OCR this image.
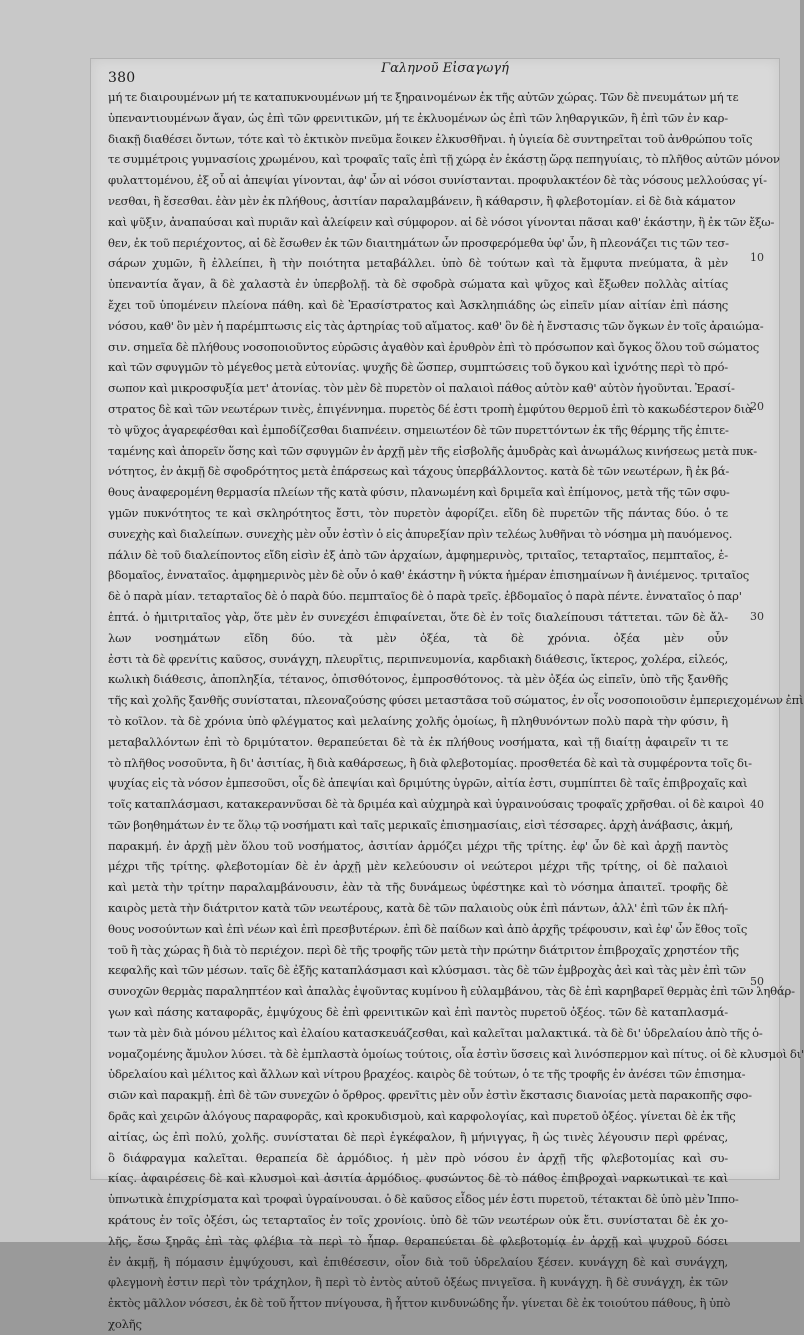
380
Γαληνοῦ Εἰσαγωγή
10
20
30
40
50
μή τε διαιρουμένων μή τε καταπυκνουμένων μή τε ξηραινομένων ἐκ τῆς αὐτῶν χώρας. Τῶν δὲ πνευμάτων μή τε
ὑπεναντιουμένων ἄγαν, ὡς ἐπὶ τῶν φρενιτικῶν, μή τε ἐκλυομένων ὡς ἐπὶ τῶν ληθαργικῶν, ἢ ἐπὶ τῶν ἐν καρ-
διακῇ διαθέσει ὄντων, τότε καὶ τὸ ἐκτικὸν πνεῦμα ἔοικεν ἐλκυσθῆναι. ἡ ὑγιεία δὲ συντηρεῖται τοῦ ἀνθρώπου τοῖς
τε συμμέτροις γυμνασίοις χρωμένου, καὶ τροφαῖς ταῖς ἐπὶ τῇ χώρᾳ ἐν ἑκάστῃ ὥρᾳ πεπηγυίαις, τὸ πλῆθος αὐτῶν μόνον
φυλαττομένου, ἐξ οὗ αἱ ἀπεψίαι γίνονται, ἀφ' ὧν αἱ νόσοι συνίστανται. προφυλακτέον δὲ τὰς νόσους μελλούσας γί-
νεσθαι, ἢ ἔσεσθαι. ἐὰν μὲν ἐκ πλήθους, ἀσιτίαν παραλαμβάνειν, ἢ κάθαρσιν, ἢ φλεβοτομίαν. εἰ δὲ διὰ κάματον
καὶ ψῦξιν, ἀναπαύσαι καὶ πυριᾶν καὶ ἀλείφειν καὶ σύμφορον. αἱ δὲ νόσοι γίνονται πᾶσαι καθ' ἑκάστην, ἢ ἐκ τῶν ἔξω-
θεν, ἐκ τοῦ περιέχοντος, αἱ δὲ ἔσωθεν ἐκ τῶν διαιτημάτων ὧν προσφερόμεθα ὑφ' ὧν, ἢ πλεονάζει τις τῶν τεσ-
σάρων χυμῶν, ἢ ἐλλείπει, ἢ τὴν ποιότητα μεταβάλλει. ὑπὸ δὲ τούτων καὶ τὰ ἔμφυτα πνεύματα, ἃ μὲν
ὑπεναντία ἄγαν, ἃ δὲ χαλαστὰ ἐν ὑπερβολῇ. τὰ δὲ σφοδρὰ σώματα καὶ ψῦχος καὶ ἔξωθεν πολλὰς αἰτίας
ἔχει τοῦ ὑπομένειν πλείονα πάθη. καὶ δὲ Ἐρασίστρατος καὶ Ἀσκληπιάδης ὡς εἰπεῖν μίαν αἰτίαν ἐπὶ πάσης
νόσου, καθ' ὃν μὲν ἡ παρέμπτωσις εἰς τὰς ἀρτηρίας τοῦ αἵματος. καθ' ὃν δὲ ἡ ἔνστασις τῶν ὄγκων ἐν τοῖς ἀραιώμα-
σιν. σημεῖα δὲ πλήθους νοσοποιοῦντος εὐρῶσις ἀγαθὸν καὶ ἐρυθρὸν ἐπὶ τὸ πρόσωπον καὶ ὄγκος ὅλου τοῦ σώματος
καὶ τῶν σφυγμῶν τὸ μέγεθος μετὰ εὐτονίας. ψυχῆς δὲ ὥσπερ, συμπτώσεις τοῦ ὄγκου καὶ ἰχνότης περὶ τὸ πρό-
σωπον καὶ μικροσφυξία μετ' ἀτονίας. τὸν μὲν δὲ πυρετὸν οἱ παλαιοὶ πάθος αὐτὸν καθ' αὑτὸν ἡγοῦνται. Ἐρασί-
στρατος δὲ καὶ τῶν νεωτέρων τινὲς, ἐπιγέννημα. πυρετὸς δέ ἐστι τροπὴ ἐμφύτου θερμοῦ ἐπὶ τὸ κακωδέστερον διὰ
τὸ ψῦχος ἀγαρεφέσθαι καὶ ἐμποδίζεσθαι διαπνέειν. σημειωτέον δὲ τῶν πυρεττόντων ἐκ τῆς θέρμης τῆς ἐπιτε-
ταμένης καὶ ἀπορεῖν ὅσης καὶ τῶν σφυγμῶν ἐν ἀρχῇ μὲν τῆς εἰσβολῆς ἀμυδρὰς καὶ ἀνωμάλως κινήσεως μετὰ πυκ-
νότητος, ἐν ἀκμῇ δὲ σφοδρότητος μετὰ ἐπάρσεως καὶ τάχους ὑπερβάλλοντος. κατὰ δὲ τῶν νεωτέρων, ἢ ἐκ βά-
θους ἀναφερομένη θερμασία πλείων τῆς κατὰ φύσιν, πλανωμένη καὶ δριμεῖα καὶ ἐπίμονος, μετὰ τῆς τῶν σφυ-
γμῶν πυκνότητος τε καὶ σκληρότητος ἔστι, τὸν πυρετὸν ἀφορίζει. εἴδη δὲ πυρετῶν τῆς πάντας δύο. ὁ τε
συνεχὴς καὶ διαλείπων. συνεχὴς μὲν οὖν ἐστὶν ὁ εἰς ἀπυρεξίαν πρὶν τελέως λυθῆναι τὸ νόσημα μὴ παυόμενος.
πάλιν δὲ τοῦ διαλείποντος εἴδη εἰσὶν ἐξ ἀπὸ τῶν ἀρχαίων, ἀμφημερινὸς, τριταῖος, τεταρταῖος, πεμπταῖος, ἑ-
βδομαῖος, ἐνναταῖος. ἀμφημερινὸς μὲν δὲ οὖν ὁ καθ' ἑκάστην ἢ νύκτα ἡμέραν ἐπισημαίνων ἢ ἀνιέμενος. τριταῖος
δὲ ὁ παρὰ μίαν. τεταρταῖος δὲ ὁ παρὰ δύο. πεμπταῖος δὲ ὁ παρὰ τρεῖς. ἑβδομαῖος ὁ παρὰ πέντε. ἐνναταῖος ὁ παρ'
ἑπτά. ὁ ἡμιτριταῖος γὰρ, ὅτε μὲν ἐν συνεχέσι ἐπιφαίνεται, ὅτε δὲ ἐν τοῖς διαλείπουσι τάττεται. τῶν δὲ ἄλ-
λων νοσημάτων εἴδη δύο. τὰ μὲν ὀξέα, τὰ δὲ χρόνια. ὀξέα μὲν οὖν
ἐστι τὰ δὲ φρενίτις καῦσος, συνάγχη, πλευρῖτις, περιπνευμονία, καρδιακὴ διάθεσις, ἴκτερος, χολέρα, εἰλεός,
κωλικὴ διάθεσις, ἀποπληξία, τέτανος, ὀπισθότονος, ἐμπροσθότονος. τὰ μὲν ὀξέα ὡς εἰπεῖν, ὑπὸ τῆς ξανθῆς
τῆς καὶ χολῆς ξανθῆς συνίσταται, πλεοναζούσης φύσει μεταστᾶσα τοῦ σώματος, ἐν οἷς νοσοποιοῦσιν ἐμπεριεχομένων ἐπὶ
τὸ κοῖλον. τὰ δὲ χρόνια ὑπὸ φλέγματος καὶ μελαίνης χολῆς ὁμοίως, ἢ πληθυνόντων πολὺ παρὰ τὴν φύσιν, ἢ
μεταβαλλόντων ἐπὶ τὸ δριμύτατον. θεραπεύεται δὲ τὰ ἐκ πλήθους νοσήματα, καὶ τῇ διαίτῃ ἀφαιρεῖν τι τε
τὸ πλῆθος νοσοῦντα, ἢ δι' ἀσιτίας, ἢ διὰ καθάρσεως, ἢ διὰ φλεβοτομίας. προσθετέα δὲ καὶ τὰ συμφέροντα τοῖς δι-
ψυχίας εἰς τὰ νόσον ἐμπεσοῦσι, οἷς δὲ ἀπεψίαι καὶ δριμύτης ὑγρῶν, αἰτία ἐστι, συμπίπτει δὲ ταῖς ἐπιβροχαῖς καὶ
τοῖς καταπλάσμασι, κατακεραννῦσαι δὲ τὰ δριμέα καὶ αὐχμηρὰ καὶ ὑγραινούσαις τροφαῖς χρῆσθαι. οἱ δὲ καιροὶ
τῶν βοηθημάτων ἐν τε ὅλῳ τῷ νοσήματι καὶ ταῖς μερικαῖς ἐπισημασίαις, εἰσὶ τέσσαρες. ἀρχὴ ἀνάβασις, ἀκμή,
παρακμή. ἐν ἀρχῇ μὲν ὅλου τοῦ νοσήματος, ἀσιτίαν ἁρμόζει μέχρι τῆς τρίτης. ἐφ' ὧν δὲ καὶ ἀρχῇ παντὸς
μέχρι τῆς τρίτης. φλεβοτομίαν δὲ ἐν ἀρχῇ μὲν κελεύουσιν οἱ νεώτεροι μέχρι τῆς τρίτης, οἱ δὲ παλαιοὶ
καὶ μετὰ τὴν τρίτην παραλαμβάνουσιν, ἐὰν τὰ τῆς δυνάμεως ὑφέστηκε καὶ τὸ νόσημα ἀπαιτεῖ. τροφῆς δὲ
καιρὸς μετὰ τὴν διάτριτον κατὰ τῶν νεωτέρους, κατὰ δὲ τῶν παλαιοὺς οὐκ ἐπὶ πάντων, ἀλλ' ἐπὶ τῶν ἐκ πλή-
θους νοσούντων καὶ ἐπὶ νέων καὶ ἐπὶ πρεσβυτέρων. ἐπὶ δὲ παίδων καὶ ἀπὸ ἀρχῆς τρέφουσιν, καὶ ἐφ' ὧν ἔθος τοῖς
τοῦ ἢ τὰς χώρας ἢ διὰ τὸ περιέχον. περὶ δὲ τῆς τροφῆς τῶν μετὰ τὴν πρώτην διάτριτον ἐπιβροχαῖς χρηστέον τῆς
κεφαλῆς καὶ τῶν μέσων. ταῖς δὲ ἐξῆς καταπλάσμασι καὶ κλύσμασι. τὰς δὲ τῶν ἐμβροχὰς ἀεὶ καὶ τὰς μὲν ἐπὶ τῶν
συνοχῶν θερμὰς παραληπτέον καὶ ἀπαλὰς ἐψοῦντας κυμίνου ἢ εὐλαμβάνου, τὰς δὲ ἐπὶ καρηβαρεῖ θερμὰς ἐπὶ τῶν ληθάρ-
γων καὶ πάσης καταφορᾶς, ἐμψύχους δὲ ἐπὶ φρενιτικῶν καὶ ἐπὶ παντὸς πυρετοῦ ὀξέος. τῶν δὲ καταπλασμά-
των τὰ μὲν διὰ μόνου μέλιτος καὶ ἐλαίου κατασκευάζεσθαι, καὶ καλεῖται μαλακτικά. τὰ δὲ δι' ὑδρελαίου ἀπὸ τῆς ὁ-
νομαζομένης ἄμυλον λύσει. τὰ δὲ ἐμπλαστὰ ὁμοίως τούτοις, οἷα ἐστὶν ὕσσεις καὶ λινόσπερμον καὶ πίτυς. οἱ δὲ κλυσμοὶ δι'
ὑδρελαίου καὶ μέλιτος καὶ ἄλλων καὶ νίτρου βραχέος. καιρὸς δὲ τούτων, ὁ τε τῆς τροφῆς ἐν ἀνέσει τῶν ἐπισημα-
σιῶν καὶ παρακμῇ. ἐπὶ δὲ τῶν συνεχῶν ὁ ὄρθρος. φρενῖτις μὲν οὖν ἐστὶν ἔκστασις διανοίας μετὰ παρακοπῆς σφο-
δρᾶς καὶ χειρῶν ἀλόγους παραφορᾶς, καὶ κροκυδισμοὺ, καὶ καρφολογίας, καὶ πυρετοῦ ὀξέος. γίνεται δὲ ἐκ τῆς
αἰτίας, ὡς ἐπὶ πολύ, χολῆς. συνίσταται δὲ περὶ ἐγκέφαλον, ἢ μήνιγγας, ἢ ὡς τινὲς λέγουσιν περὶ φρένας,
ὃ διάφραγμα καλεῖται. θεραπεία δὲ ἁρμόδιος. ἡ μὲν πρὸ νόσου ἐν ἀρχῇ τῆς φλεβοτομίας καὶ συ-
κίας. ἀφαιρέσεις δὲ καὶ κλυσμοὶ καὶ ἀσιτία ἁρμόδιος. φυσώντος δὲ τὸ πάθος ἐπιβροχαὶ ναρκωτικαὶ τε καὶ
ὑπνωτικὰ ἐπιχρίσματα καὶ τροφαὶ ὑγραίνουσαι. ὁ δὲ καῦσος εἶδος μέν ἐστι πυρετοῦ, τέτακται δὲ ὑπὸ μὲν Ἱππο-
κράτους ἐν τοῖς ὀξέσι, ὡς τεταρταῖος ἐν τοῖς χρονίοις. ὑπὸ δὲ τῶν νεωτέρων οὐκ ἔτι. συνίσταται δὲ ἐκ χο-
λῆς, ἔσω ξηρᾶς ἐπὶ τὰς φλέβια τὰ περὶ τὸ ἧπαρ. θεραπεύεται δὲ φλεβοτομίᾳ ἐν ἀρχῇ καὶ ψυχροῦ δόσει
ἐν ἀκμῇ, ἢ πόμασιν ἐμψύχουσι, καὶ ἐπιθέσεσιν, οἷον διὰ τοῦ ὑδρελαίου ξέσεν. κυνάγχη δὲ καὶ συνάγχη,
φλεγμονὴ ἐστιν περὶ τὸν τράχηλον, ἢ περὶ τὸ ἐντὸς αὐτοῦ ὀξέως πνιγεῖσα. ἢ κυνάγχη. ἢ δὲ συνάγχη, ἐκ τῶν
ἐκτὸς μᾶλλον νόσεσι, ἐκ δὲ τοῦ ἦττον πνίγουσα, ἢ ἧττον κινδυνώδης ἦν. γίνεται δὲ ἐκ τοιούτου πάθους, ἢ ὑπὸ
χολῆς
